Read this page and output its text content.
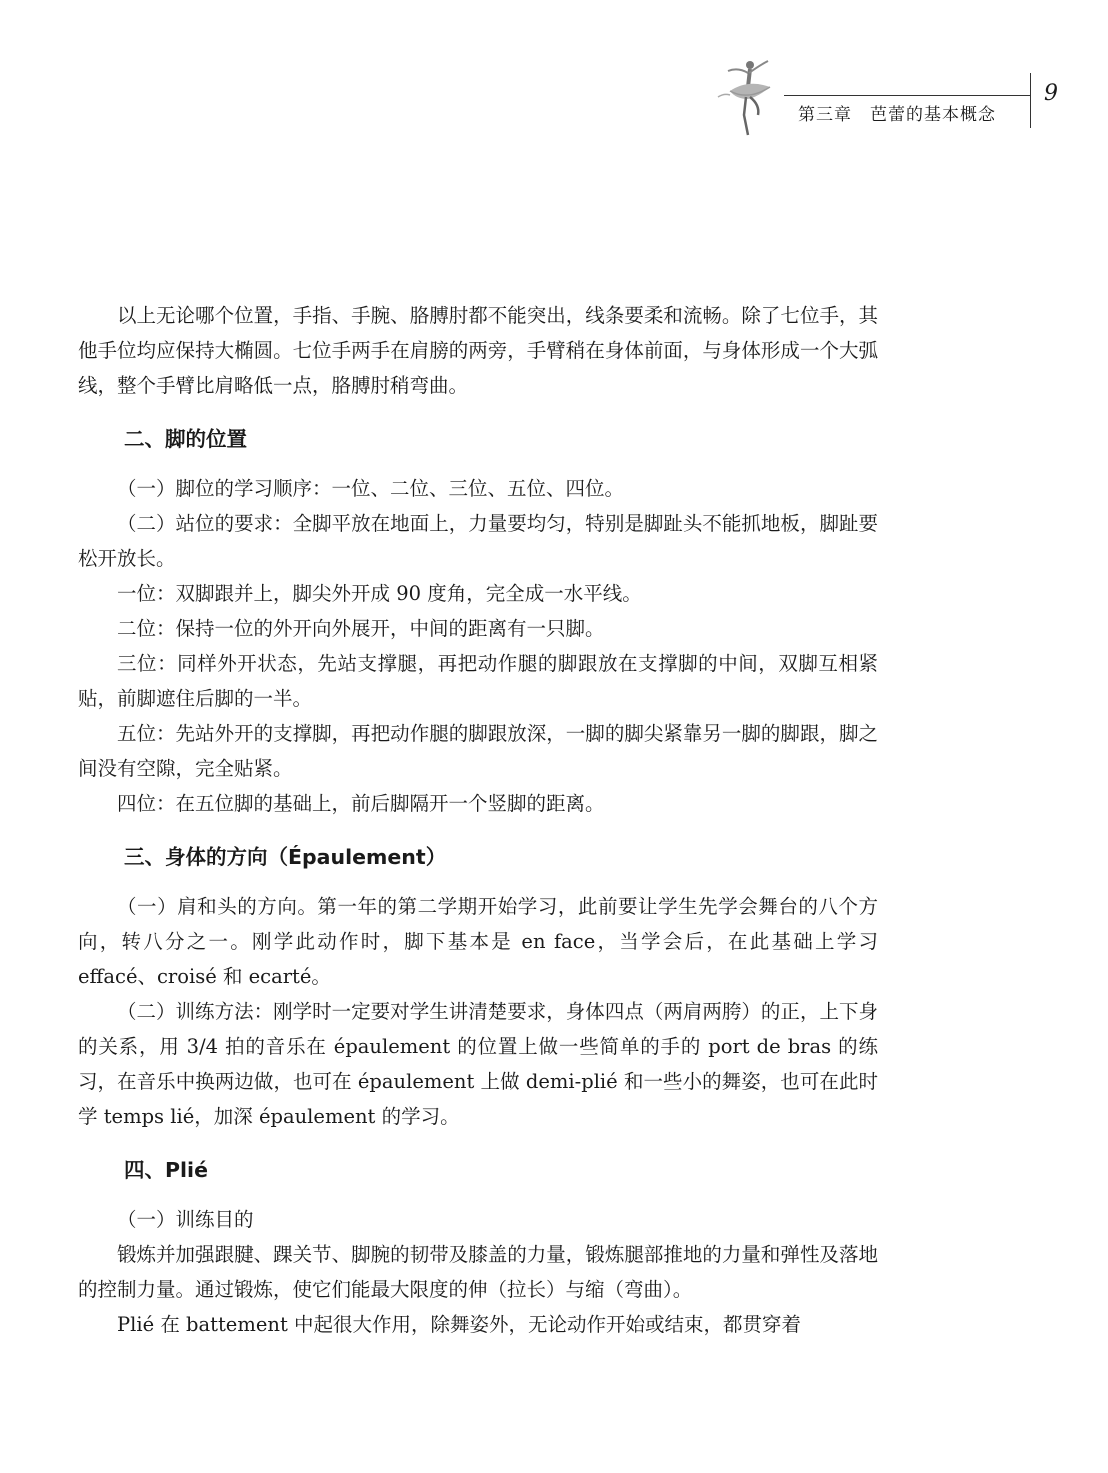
第三章　芭蕾的基本概念
9

以上无论哪个位置，手指、手腕、胳膊肘都不能突出，线条要柔和流畅。除了七位手，其他手位均应保持大椭圆。七位手两手在肩膀的两旁，手臂稍在身体前面，与身体形成一个大弧线，整个手臂比肩略低一点，胳膊肘稍弯曲。

二、脚的位置

（一）脚位的学习顺序：一位、二位、三位、五位、四位。

（二）站位的要求：全脚平放在地面上，力量要均匀，特别是脚趾头不能抓地板，脚趾要松开放长。

一位：双脚跟并上，脚尖外开成 90 度角，完全成一水平线。

二位：保持一位的外开向外展开，中间的距离有一只脚。

三位：同样外开状态，先站支撑腿，再把动作腿的脚跟放在支撑脚的中间，双脚互相紧贴，前脚遮住后脚的一半。

五位：先站外开的支撑脚，再把动作腿的脚跟放深，一脚的脚尖紧靠另一脚的脚跟，脚之间没有空隙，完全贴紧。

四位：在五位脚的基础上，前后脚隔开一个竖脚的距离。

三、身体的方向（Épaulement）

（一）肩和头的方向。第一年的第二学期开始学习，此前要让学生先学会舞台的八个方向，转八分之一。刚学此动作时，脚下基本是 en face，当学会后，在此基础上学习 effacé、croisé 和 ecarté。

（二）训练方法：刚学时一定要对学生讲清楚要求，身体四点（两肩两胯）的正，上下身的关系，用 3/4 拍的音乐在 épaulement 的位置上做一些简单的手的 port de bras 的练习，在音乐中换两边做，也可在 épaulement 上做 demi-plié 和一些小的舞姿，也可在此时学 temps lié，加深 épaulement 的学习。

四、Plié

（一）训练目的

锻炼并加强跟腱、踝关节、脚腕的韧带及膝盖的力量，锻炼腿部推地的力量和弹性及落地的控制力量。通过锻炼，使它们能最大限度的伸（拉长）与缩（弯曲）。

Plié 在 battement 中起很大作用，除舞姿外，无论动作开始或结束，都贯穿着
